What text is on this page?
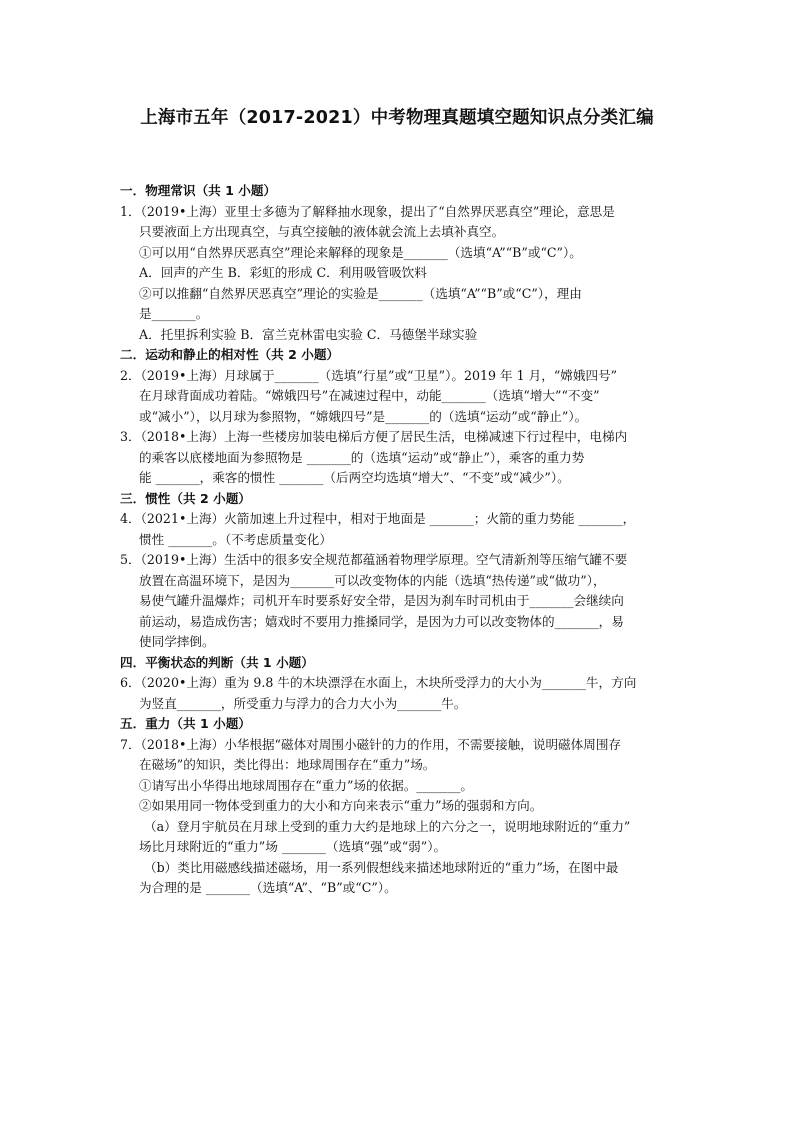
上海市五年（2017-2021）中考物理真题填空题知识点分类汇编
一．物理常识（共 1 小题）
1．（2019•上海）亚里士多德为了解释抽水现象，提出了“自然界厌恶真空”理论，意思是
只要液面上方出现真空，与真空接触的液体就会流上去填补真空。
①可以用“自然界厌恶真空”理论来解释的现象是_______（选填“A”“B”或“C”）。
A．回声的产生 B．彩虹的形成 C．利用吸管吸饮料
②可以推翻“自然界厌恶真空”理论的实验是_______（选填“A”“B”或“C”），理由
是_______。
A．托里拆利实验 B．富兰克林雷电实验 C．马德堡半球实验
二．运动和静止的相对性（共 2 小题）
2．（2019•上海）月球属于_______（选填“行星”或“卫星”）。2019 年 1 月，“嫦娥四号”
在月球背面成功着陆。“嫦娥四号”在减速过程中，动能_______（选填“增大”“不变”
或“减小”），以月球为参照物，“嫦娥四号”是_______的（选填“运动”或“静止”）。
3．（2018•上海）上海一些楼房加装电梯后方便了居民生活，电梯减速下行过程中，电梯内
的乘客以底楼地面为参照物是 _______的（选填“运动”或“静止”），乘客的重力势
能 _______，乘客的惯性 _______（后两空均选填“增大”、“不变”或“减少”）。
三．惯性（共 2 小题）
4．（2021•上海）火箭加速上升过程中，相对于地面是 _______；火箭的重力势能 _______，
惯性 _______。（不考虑质量变化）
5．（2019•上海）生活中的很多安全规范都蕴涵着物理学原理。空气清新剂等压缩气罐不要
放置在高温环境下，是因为_______可以改变物体的内能（选填“热传递”或“做功”），
易使气罐升温爆炸；司机开车时要系好安全带，是因为刹车时司机由于_______会继续向
前运动，易造成伤害；嬉戏时不要用力推搡同学，是因为力可以改变物体的_______，易
使同学摔倒。
四．平衡状态的判断（共 1 小题）
6．（2020•上海）重为 9.8 牛的木块漂浮在水面上，木块所受浮力的大小为_______牛，方向
为竖直_______，所受重力与浮力的合力大小为_______牛。
五．重力（共 1 小题）
7．（2018•上海）小华根据“磁体对周围小磁针的力的作用，不需要接触，说明磁体周围存
在磁场”的知识，类比得出：地球周围存在“重力”场。
①请写出小华得出地球周围存在“重力”场的依据。_______。
②如果用同一物体受到重力的大小和方向来表示“重力”场的强弱和方向。
（a）登月宇航员在月球上受到的重力大约是地球上的六分之一，说明地球附近的“重力”
场比月球附近的“重力”场 _______（选填“强”或“弱”）。
（b）类比用磁感线描述磁场，用一系列假想线来描述地球附近的“重力”场，在图中最
为合理的是 _______（选填“A”、“B”或“C”）。
